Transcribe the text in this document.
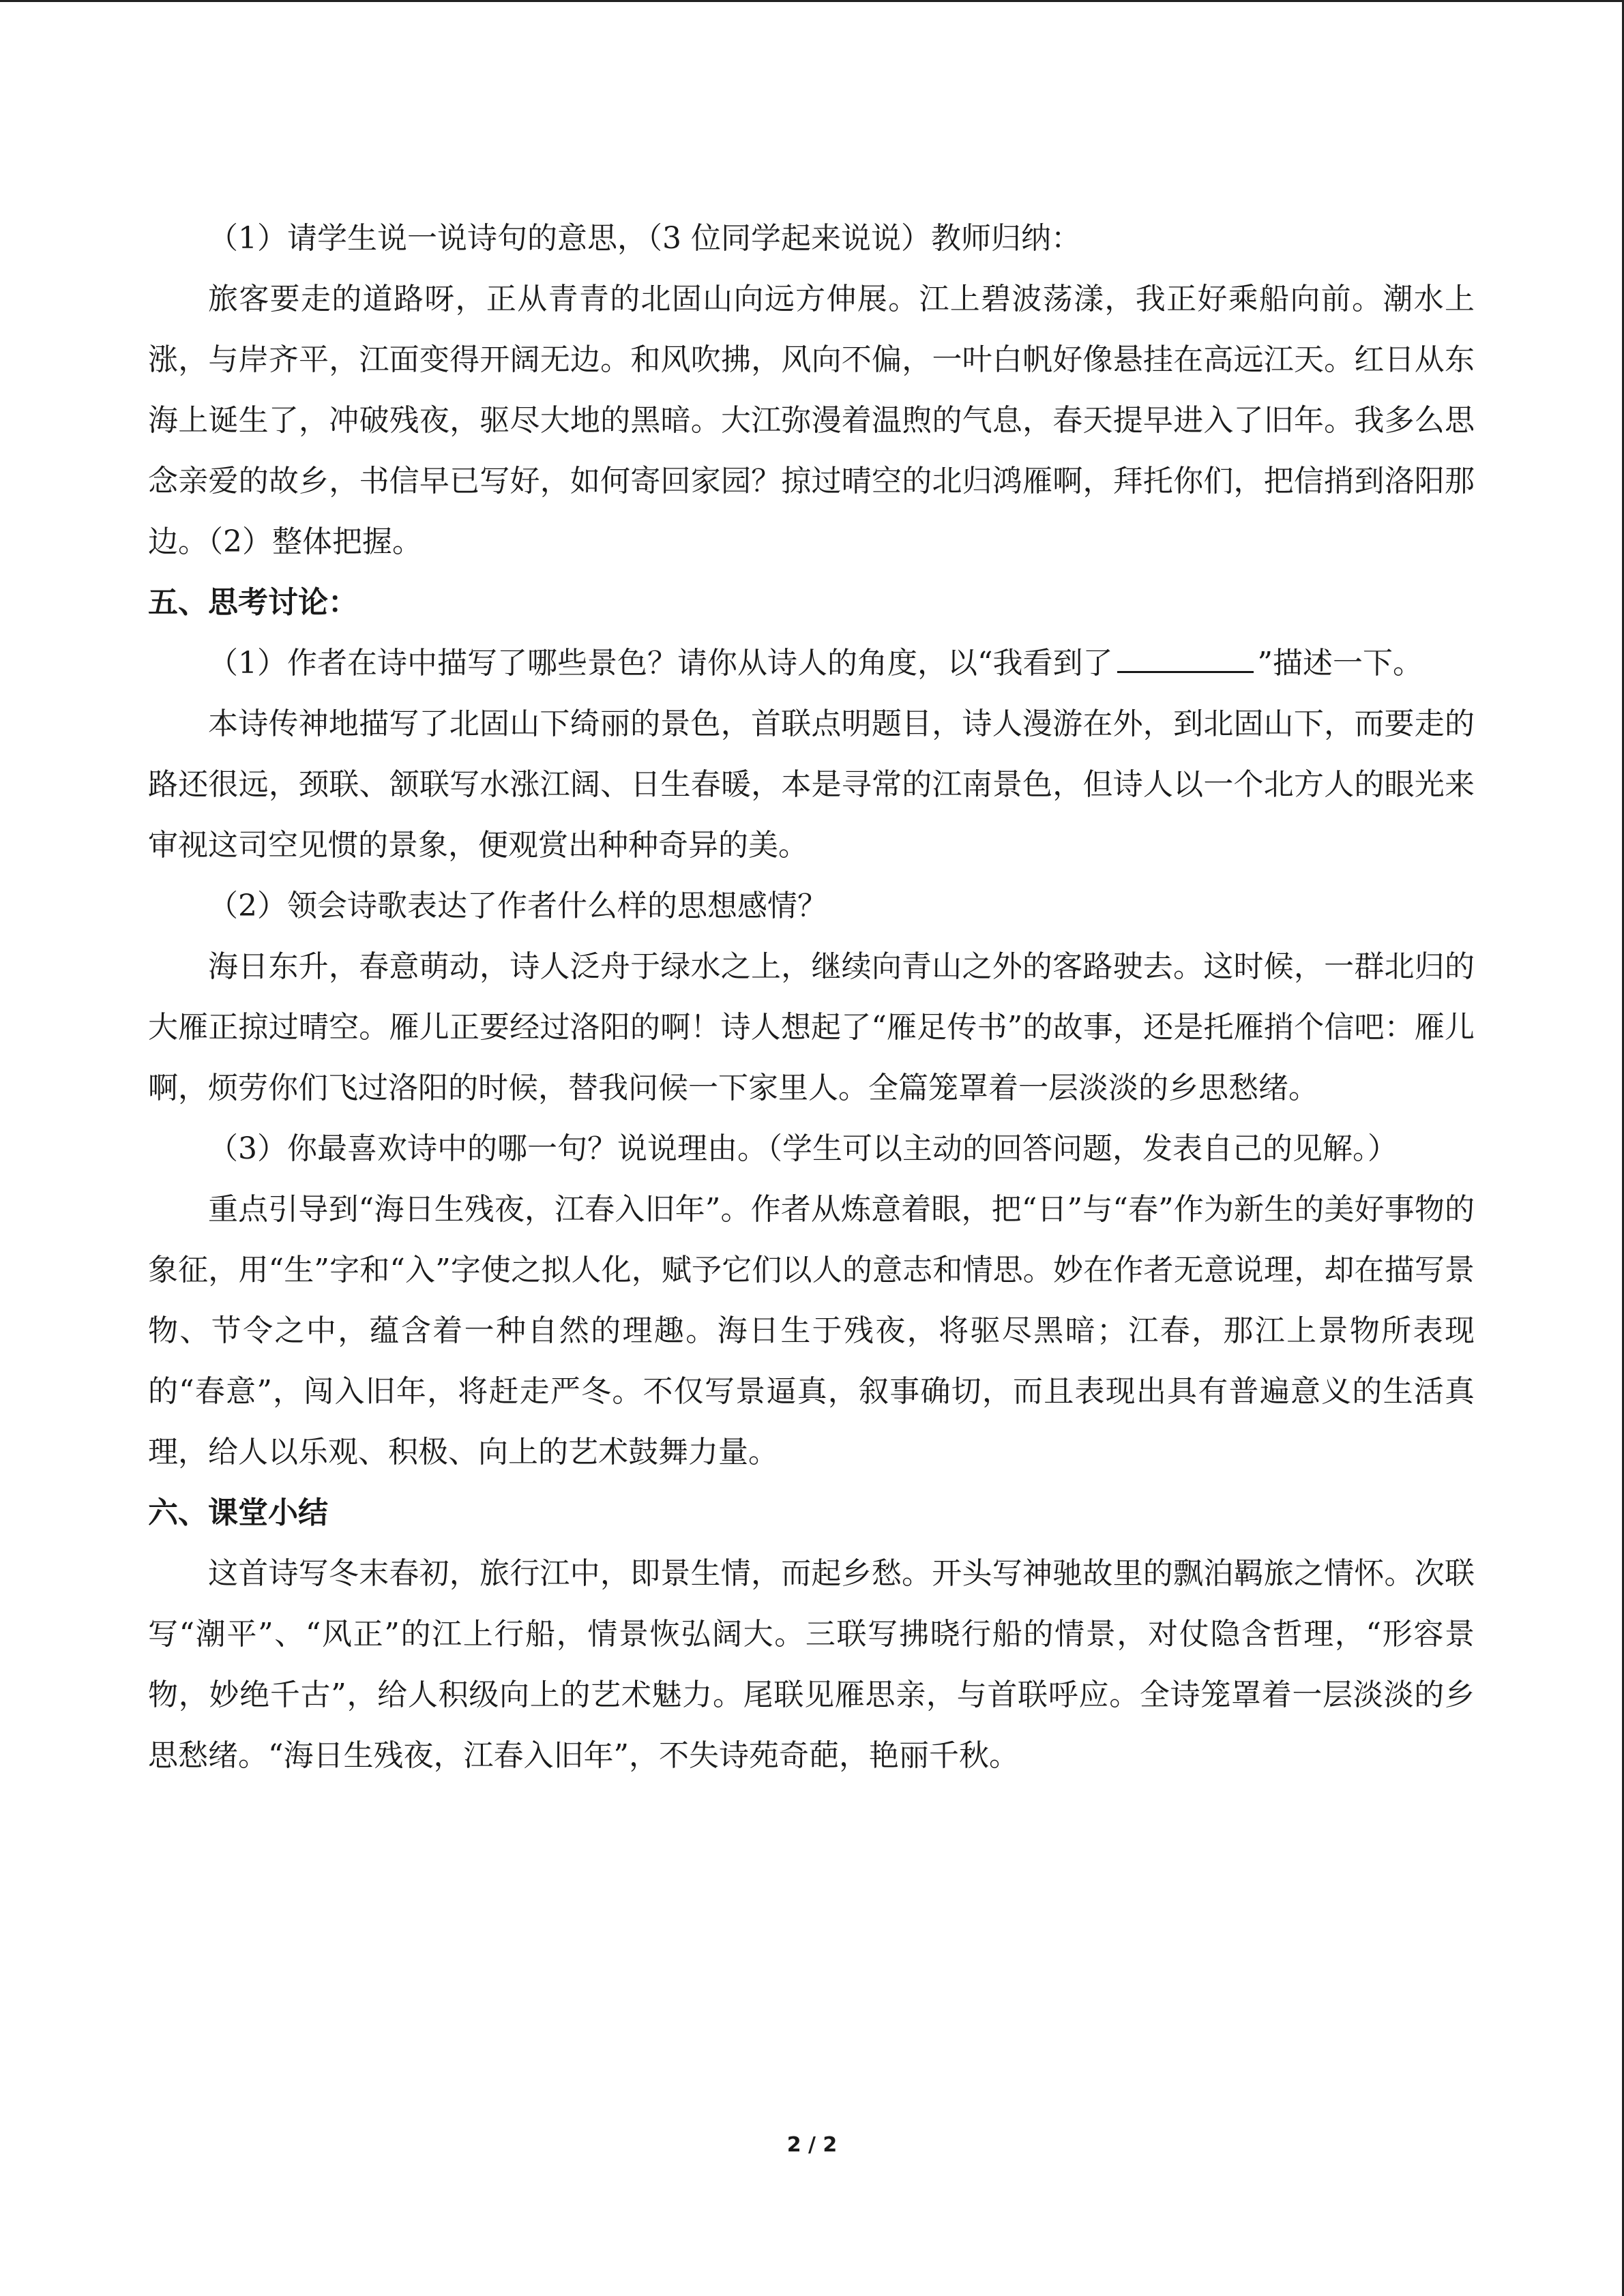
（1）请学生说一说诗句的意思，（3 位同学起来说说）教师归纳：

旅客要走的道路呀，正从青青的北固山向远方伸展。江上碧波荡漾，我正好乘船向前。潮水上涨，与岸齐平，江面变得开阔无边。和风吹拂，风向不偏，一叶白帆好像悬挂在高远江天。红日从东海上诞生了，冲破残夜，驱尽大地的黑暗。大江弥漫着温煦的气息，春天提早进入了旧年。我多么思念亲爱的故乡，书信早已写好，如何寄回家园？掠过晴空的北归鸿雁啊，拜托你们，把信捎到洛阳那边。（2）整体把握。

五、思考讨论：

（1）作者在诗中描写了哪些景色？请你从诗人的角度，以“我看到了	”描述一下。

本诗传神地描写了北固山下绮丽的景色，首联点明题目，诗人漫游在外，到北固山下，而要走的路还很远，颈联、颔联写水涨江阔、日生春暖，本是寻常的江南景色，但诗人以一个北方人的眼光来审视这司空见惯的景象，便观赏出种种奇异的美。

（2）领会诗歌表达了作者什么样的思想感情？

海日东升，春意萌动，诗人泛舟于绿水之上，继续向青山之外的客路驶去。这时候，一群北归的大雁正掠过晴空。雁儿正要经过洛阳的啊！诗人想起了“雁足传书”的故事，还是托雁捎个信吧：雁儿啊，烦劳你们飞过洛阳的时候，替我问候一下家里人。全篇笼罩着一层淡淡的乡思愁绪。

（3）你最喜欢诗中的哪一句？说说理由。（学生可以主动的回答问题，发表自己的见解。）

重点引导到“海日生残夜，江春入旧年”。作者从炼意着眼，把“日”与“春”作为新生的美好事物的象征，用“生”字和“入”字使之拟人化，赋予它们以人的意志和情思。妙在作者无意说理，却在描写景物、节令之中，蕴含着一种自然的理趣。海日生于残夜，将驱尽黑暗；江春，那江上景物所表现的“春意”，闯入旧年，将赶走严冬。不仅写景逼真，叙事确切，而且表现出具有普遍意义的生活真理，给人以乐观、积极、向上的艺术鼓舞力量。

六、课堂小结

这首诗写冬末春初，旅行江中，即景生情，而起乡愁。开头写神驰故里的飘泊羁旅之情怀。次联写“潮平”、“风正”的江上行船，情景恢弘阔大。三联写拂晓行船的情景，对仗隐含哲理，“形容景物，妙绝千古”，给人积级向上的艺术魅力。尾联见雁思亲，与首联呼应。全诗笼罩着一层淡淡的乡思愁绪。“海日生残夜，江春入旧年”，不失诗苑奇葩，艳丽千秋。

2 / 2
